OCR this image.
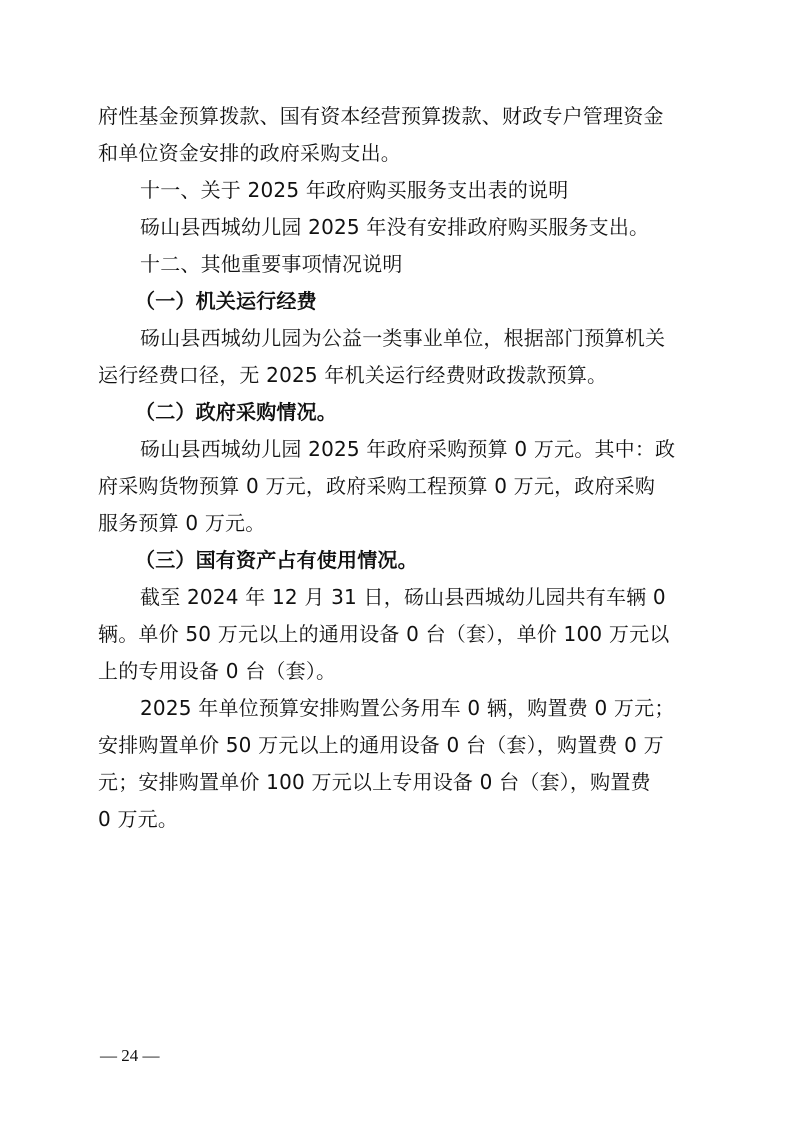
府性基金预算拨款、国有资本经营预算拨款、财政专户管理资金
和单位资金安排的政府采购支出。
十一、关于 2025 年政府购买服务支出表的说明
砀山县西城幼儿园 2025 年没有安排政府购买服务支出。
十二、其他重要事项情况说明
（一）机关运行经费
砀山县西城幼儿园为公益一类事业单位，根据部门预算机关
运行经费口径，无 2025 年机关运行经费财政拨款预算。
（二）政府采购情况。
砀山县西城幼儿园 2025 年政府采购预算 0 万元。其中：政
府采购货物预算 0 万元，政府采购工程预算 0 万元，政府采购
服务预算 0 万元。
（三）国有资产占有使用情况。
截至 2024 年 12 月 31 日，砀山县西城幼儿园共有车辆 0
辆。单价 50 万元以上的通用设备 0 台（套），单价 100 万元以
上的专用设备 0 台（套）。
2025 年单位预算安排购置公务用车 0 辆，购置费 0 万元；
安排购置单价 50 万元以上的通用设备 0 台（套），购置费 0 万
元；安排购置单价 100 万元以上专用设备 0 台（套），购置费
0 万元。
— 24 —
